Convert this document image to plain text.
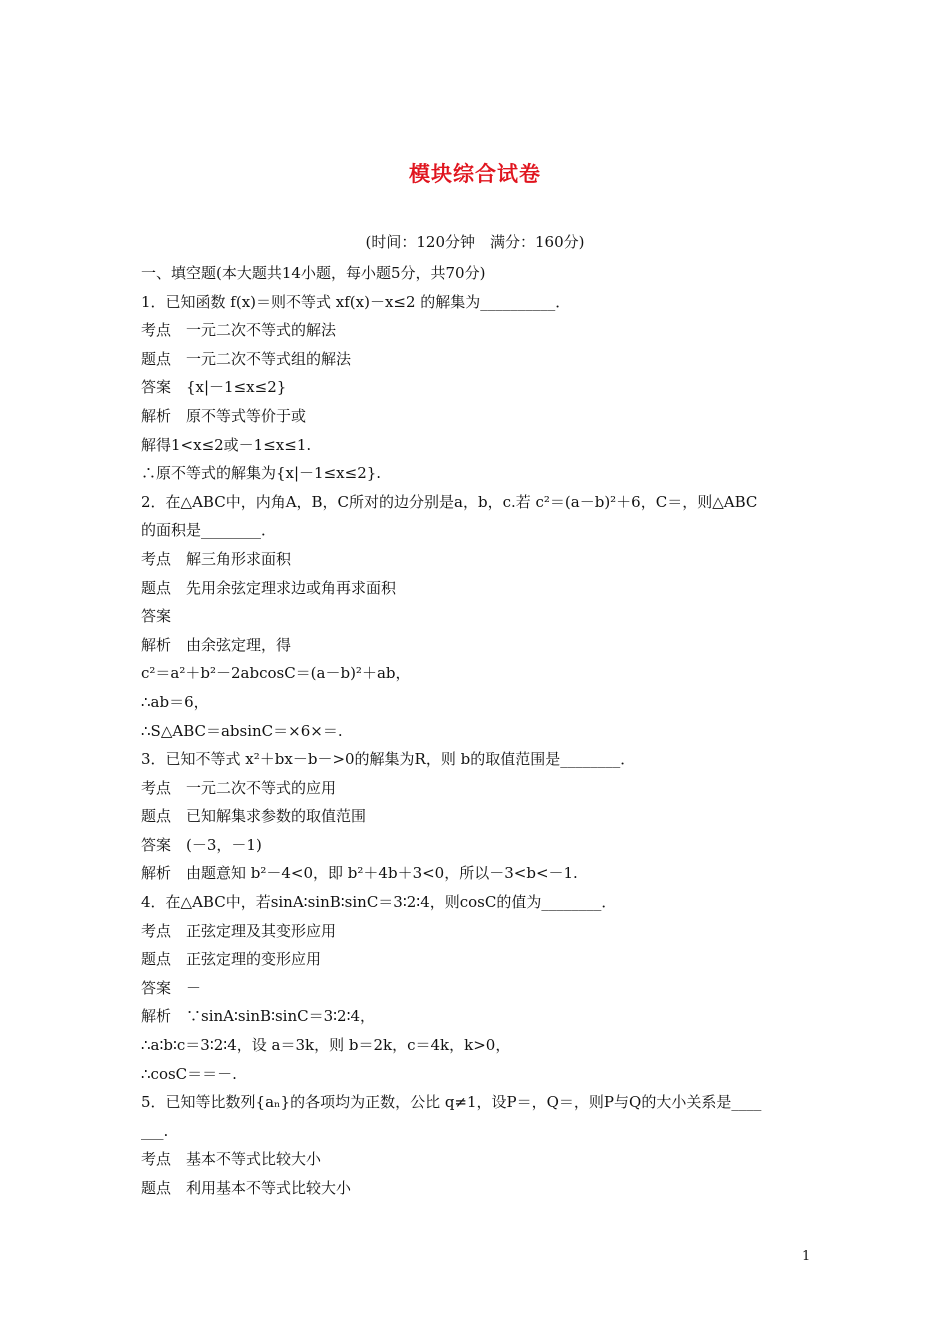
模块综合试卷
(时间：120分钟　满分：160分)
一、填空题(本大题共14小题，每小题5分，共70分)
1．已知函数 f(x)＝则不等式 xf(x)－x≤2 的解集为__________．
考点　一元二次不等式的解法
题点　一元二次不等式组的解法
答案　{x|－1≤x≤2}
解析　原不等式等价于或
解得1<x≤2或－1≤x≤1.
∴原不等式的解集为{x|－1≤x≤2}.
2．在△ABC中，内角A，B，C所对的边分别是a，b，c.若 c²＝(a－b)²＋6，C＝，则△ABC
的面积是________．
考点　解三角形求面积
题点　先用余弦定理求边或角再求面积
答案
解析　由余弦定理，得
c²＝a²＋b²－2abcosC＝(a－b)²＋ab，
∴ab＝6，
∴S△ABC＝absinC＝×6×＝.
3．已知不等式 x²＋bx－b－>0的解集为R，则 b的取值范围是________．
考点　一元二次不等式的应用
题点　已知解集求参数的取值范围
答案　(－3，－1)
解析　由题意知 b²－4<0，即 b²＋4b＋3<0，所以－3<b<－1.
4．在△ABC中，若sinA∶sinB∶sinC＝3∶2∶4，则cosC的值为________．
考点　正弦定理及其变形应用
题点　正弦定理的变形应用
答案　－
解析　∵sinA∶sinB∶sinC＝3∶2∶4，
∴a∶b∶c＝3∶2∶4，设 a＝3k，则 b＝2k，c＝4k，k>0，
∴cosC＝＝－.
5．已知等比数列{aₙ}的各项均为正数，公比 q≠1，设P＝，Q＝，则P与Q的大小关系是____
___.
考点　基本不等式比较大小
题点　利用基本不等式比较大小
1
